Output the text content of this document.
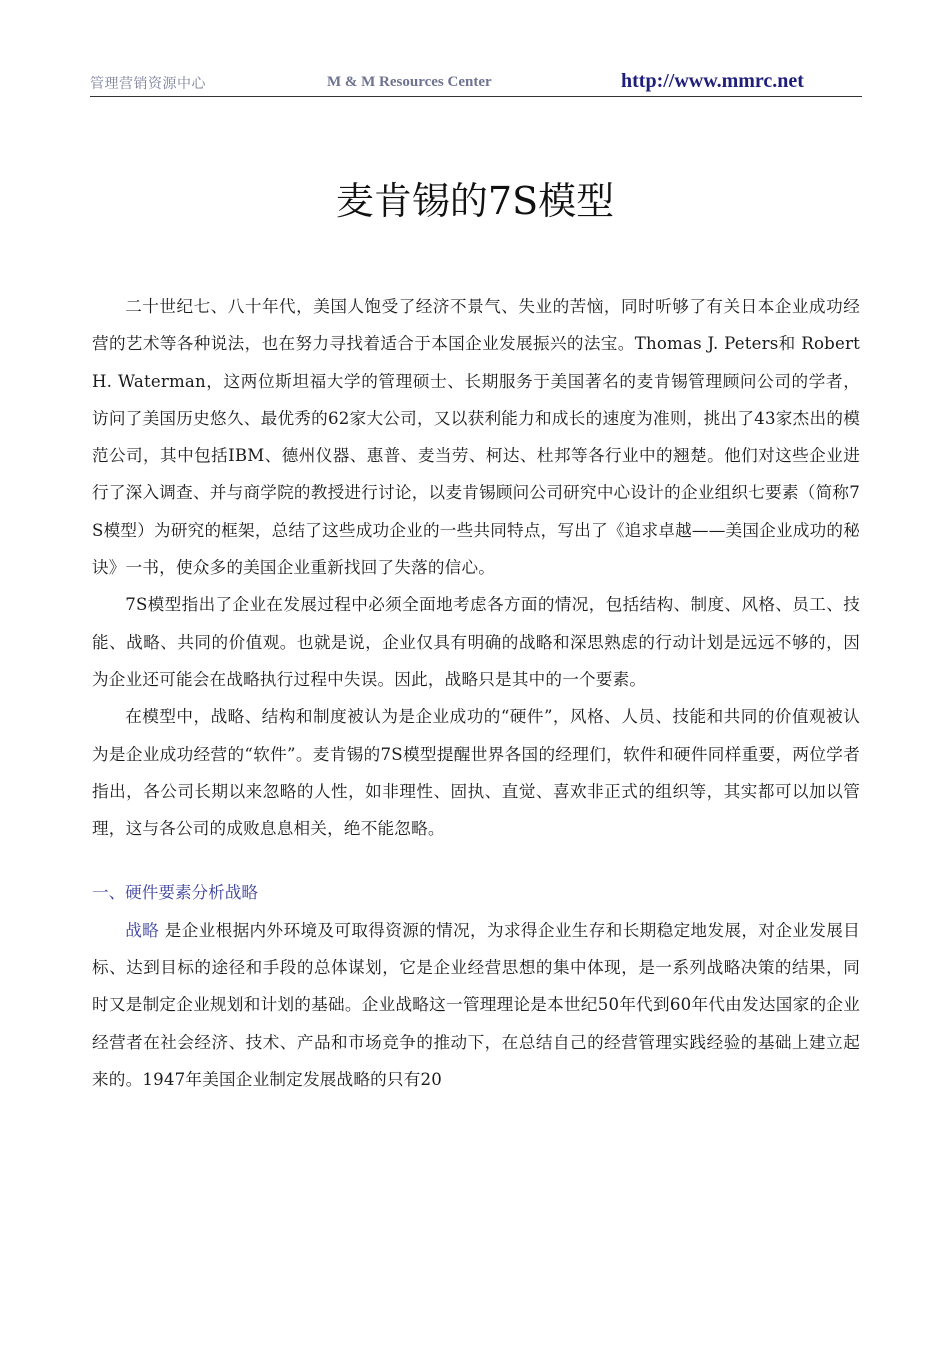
管理营销资源中心	M & M Resources Center	http://www.mmrc.net
麦肯锡的7S模型

二十世纪七、八十年代，美国人饱受了经济不景气、失业的苦恼，同时听够了有关日本企业成功经营的艺术等各种说法，也在努力寻找着适合于本国企业发展振兴的法宝。Thomas J. Peters和 Robert H. Waterman，这两位斯坦福大学的管理硕士、长期服务于美国著名的麦肯锡管理顾问公司的学者，访问了美国历史悠久、最优秀的62家大公司，又以获利能力和成长的速度为准则，挑出了43家杰出的模范公司，其中包括IBM、德州仪器、惠普、麦当劳、柯达、杜邦等各行业中的翘楚。他们对这些企业进行了深入调查、并与商学院的教授进行讨论，以麦肯锡顾问公司研究中心设计的企业组织七要素（简称7S模型）为研究的框架，总结了这些成功企业的一些共同特点，写出了《追求卓越——美国企业成功的秘诀》一书，使众多的美国企业重新找回了失落的信心。

7S模型指出了企业在发展过程中必须全面地考虑各方面的情况，包括结构、制度、风格、员工、技能、战略、共同的价值观。也就是说，企业仅具有明确的战略和深思熟虑的行动计划是远远不够的，因为企业还可能会在战略执行过程中失误。因此，战略只是其中的一个要素。

在模型中，战略、结构和制度被认为是企业成功的“硬件”，风格、人员、技能和共同的价值观被认为是企业成功经营的“软件”。麦肯锡的7S模型提醒世界各国的经理们，软件和硬件同样重要，两位学者指出，各公司长期以来忽略的人性，如非理性、固执、直觉、喜欢非正式的组织等，其实都可以加以管理，这与各公司的成败息息相关，绝不能忽略。

一、硬件要素分析战略

战略 是企业根据内外环境及可取得资源的情况，为求得企业生存和长期稳定地发展，对企业发展目标、达到目标的途径和手段的总体谋划，它是企业经营思想的集中体现，是一系列战略决策的结果，同时又是制定企业规划和计划的基础。企业战略这一管理理论是本世纪50年代到60年代由发达国家的企业经营者在社会经济、技术、产品和市场竞争的推动下，在总结自己的经营管理实践经验的基础上建立起来的。1947年美国企业制定发展战略的只有20
